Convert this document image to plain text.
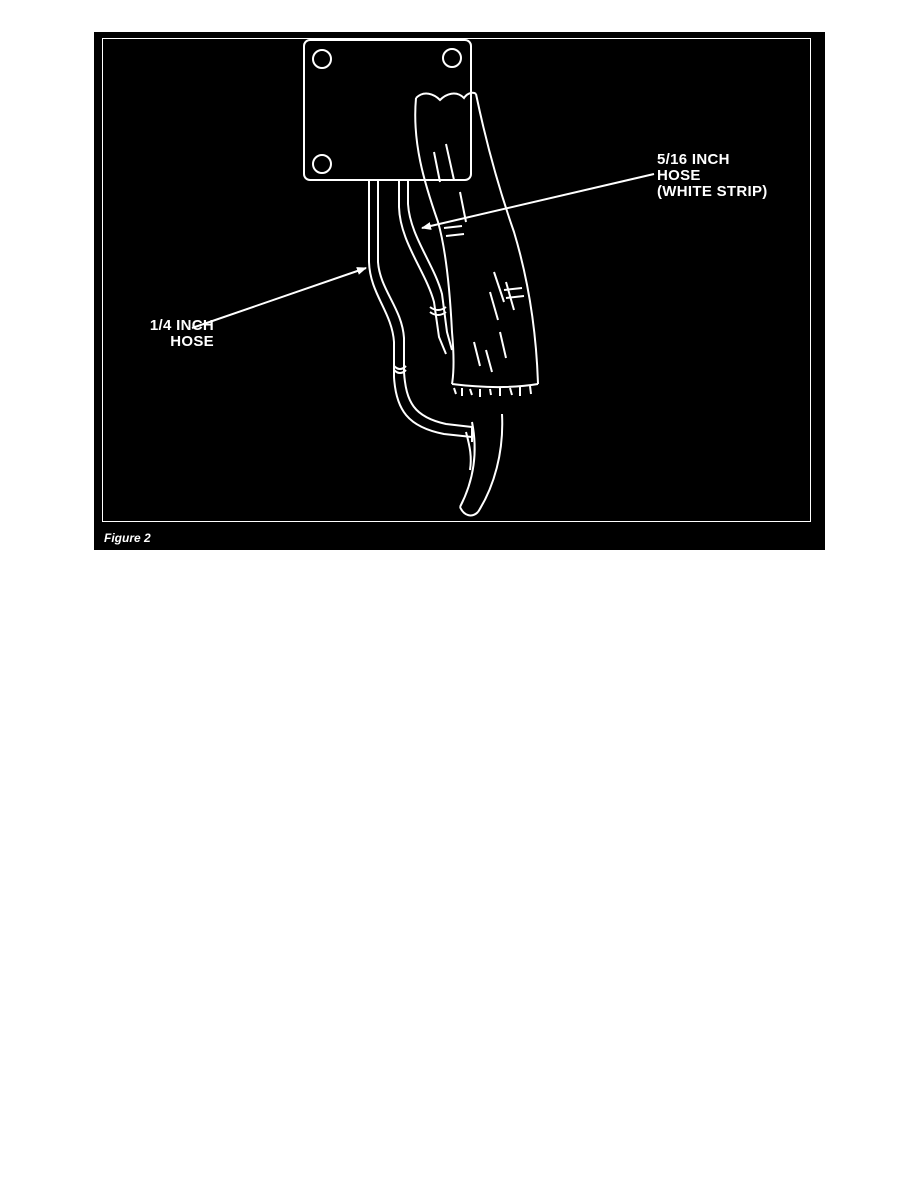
1/4 INCH
HOSE
5/16 INCH
HOSE
(WHITE STRIP)
Figure 2
